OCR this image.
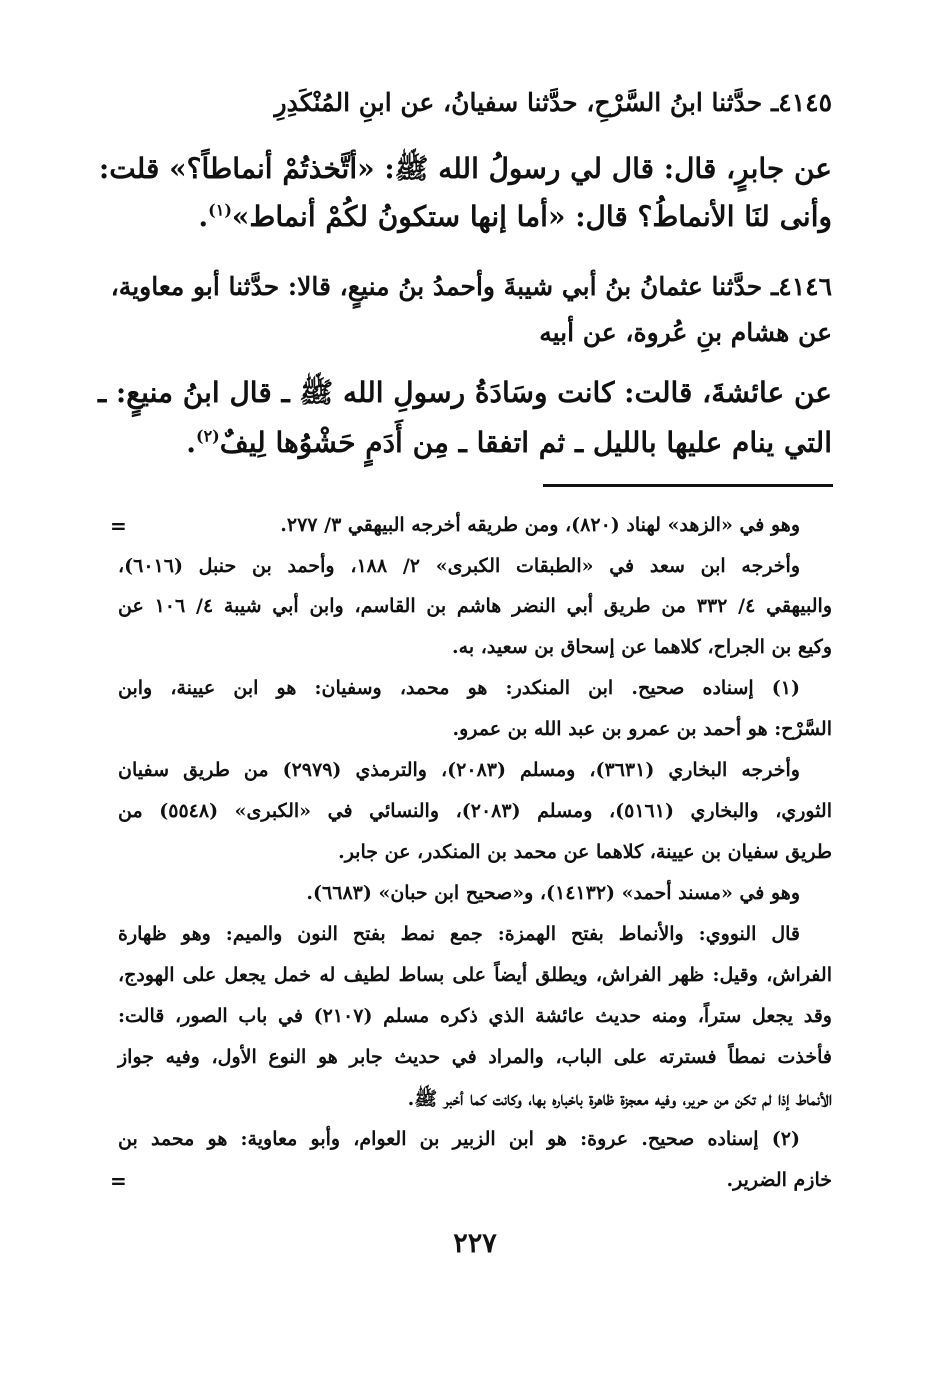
٤١٤٥ـ حدَّثنا ابنُ السَّرْحِ، حدَّثنا سفيانُ، عن ابنِ المُنْكَدِرِ
عن جابرٍ، قال: قال لي رسولُ الله ﷺ: «أتَّخذتُمْ أنماطاً؟» قلت:
وأنى لنَا الأنماطُ؟ قال: «أما إنها ستكونُ لكُمْ أنماط»$^{(١)}$.
٤١٤٦ـ حدَّثنا عثمانُ بنُ أبي شيبةَ وأحمدُ بنُ منيعٍ، قالا: حدَّثنا أبو معاوية،
عن هشام بنِ عُروة، عن أبيه
عن عائشةَ، قالت: كانت وسَادَةُ رسولِ الله ﷺ ـ قال ابنُ منيعٍ: ـ
التي ينام عليها بالليل ـ ثم اتفقا ـ مِن أَدَمٍ حَشْوُها لِيفٌ$^{(٢)}$.
=	وهو في «الزهد» لهناد (٨٢٠)، ومن طريقه أخرجه البيهقي ٣/ ٢٧٧.
وأخرجه ابن سعد في «الطبقات الكبرى» ٢/ ١٨٨، وأحمد بن حنبل (٦٠١٦)،
والبيهقي ٤/ ٣٣٢ من طريق أبي النضر هاشم بن القاسم، وابن أبي شيبة ٤/ ١٠٦ عن
وكيع بن الجراح، كلاهما عن إسحاق بن سعيد، به.
(١) إسناده صحيح. ابن المنكدر: هو محمد، وسفيان: هو ابن عيينة، وابن
السَّرْح: هو أحمد بن عمرو بن عبد الله بن عمرو.
وأخرجه البخاري (٣٦٣١)، ومسلم (٢٠٨٣)، والترمذي (٢٩٧٩) من طريق سفيان
الثوري، والبخاري (٥١٦١)، ومسلم (٢٠٨٣)، والنسائي في «الكبرى» (٥٥٤٨) من
طريق سفيان بن عيينة، كلاهما عن محمد بن المنكدر، عن جابر.
وهو في «مسند أحمد» (١٤١٣٢)، و«صحيح ابن حبان» (٦٦٨٣).
قال النووي: والأنماط بفتح الهمزة: جمع نمط بفتح النون والميم: وهو ظهارة
الفراش، وقيل: ظهر الفراش، ويطلق أيضاً على بساط لطيف له خمل يجعل على الهودج،
وقد يجعل ستراً، ومنه حديث عائشة الذي ذكره مسلم (٢١٠٧) في باب الصور، قالت:
فأخذت نمطاً فسترته على الباب، والمراد في حديث جابر هو النوع الأول، وفيه جواز
الأنماط إذا لم تكن من حرير، وفيه معجزة ظاهرة باخباره بها، وكانت كما أخبر ﷺ.
(٢) إسناده صحيح. عروة: هو ابن الزبير بن العوام، وأبو معاوية: هو محمد بن
خازم الضرير.
=
٢٢٧
